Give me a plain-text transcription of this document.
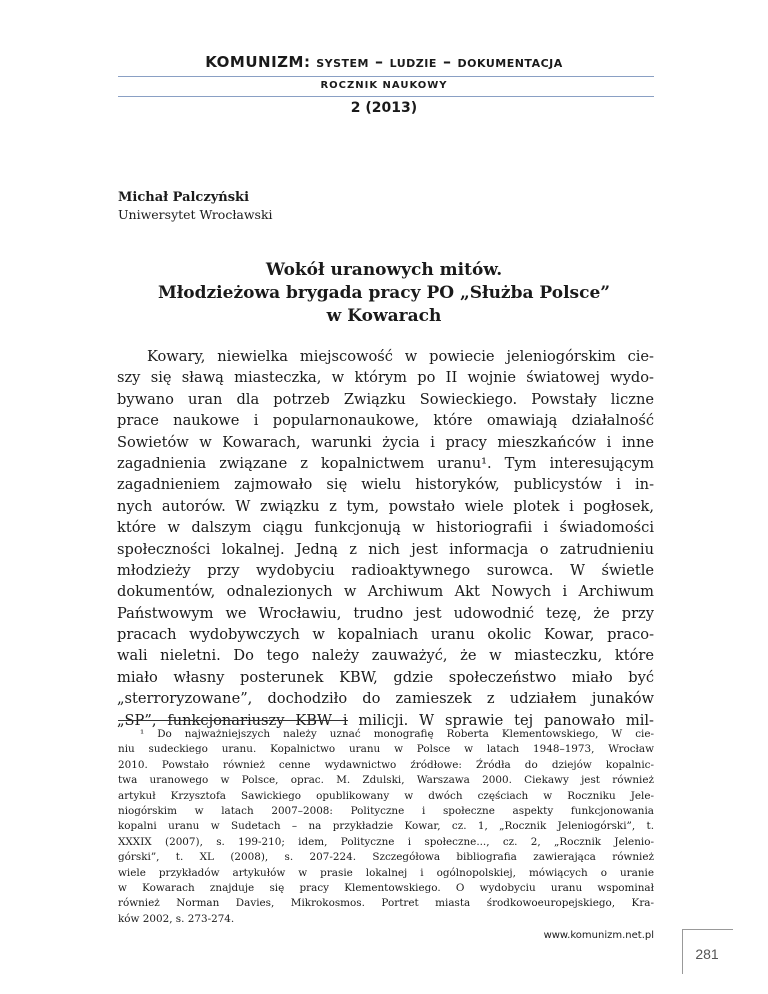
KOMUNIZM: system – ludzie – dokumentacja
ROCZNIK NAUKOWY
2 (2013)
Michał Palczyński
Uniwersytet Wrocławski
Wokół uranowych mitów.
Młodzieżowa brygada pracy PO „Służba Polsce”
w Kowarach
Kowary, niewielka miejscowość w powiecie jeleniogórskim cie-
szy się sławą miasteczka, w którym po II wojnie światowej wydo-
bywano uran dla potrzeb Związku Sowieckiego. Powstały liczne
prace naukowe i popularnonaukowe, które omawiają działalność
Sowietów w Kowarach, warunki życia i pracy mieszkańców i inne
zagadnienia związane z kopalnictwem uranu¹. Tym interesującym
zagadnieniem zajmowało się wielu historyków, publicystów i in-
nych autorów. W związku z tym, powstało wiele plotek i pogłosek,
które w dalszym ciągu funkcjonują w historiografii i świadomości
społeczności lokalnej. Jedną z nich jest informacja o zatrudnieniu
młodzieży przy wydobyciu radioaktywnego surowca. W świetle
dokumentów, odnalezionych w Archiwum Akt Nowych i Archiwum
Państwowym we Wrocławiu, trudno jest udowodnić tezę, że przy
pracach wydobywczych w kopalniach uranu okolic Kowar, praco-
wali nieletni. Do tego należy zauważyć, że w miasteczku, które
miało własny posterunek KBW, gdzie społeczeństwo miało być
„sterroryzowane”, dochodziło do zamieszek z udziałem junaków
„SP”, funkcjonariuszy KBW i milicji. W sprawie tej panowało mil-
¹ Do najważniejszych należy uznać monografię Roberta Klementowskiego, W cie-
niu sudeckiego uranu. Kopalnictwo uranu w Polsce w latach 1948–1973, Wrocław
2010. Powstało również cenne wydawnictwo źródłowe: Źródła do dziejów kopalnic-
twa uranowego w Polsce, oprac. M. Zdulski, Warszawa 2000. Ciekawy jest również
artykuł Krzysztofa Sawickiego opublikowany w dwóch częściach w Roczniku Jele-
niogórskim w latach 2007–2008: Polityczne i społeczne aspekty funkcjonowania
kopalni uranu w Sudetach – na przykładzie Kowar, cz. 1, „Rocznik Jeleniogórski”, t.
XXXIX (2007), s. 199-210; idem, Polityczne i społeczne..., cz. 2, „Rocznik Jelenio-
górski”, t. XL (2008), s. 207-224. Szczegółowa bibliografia zawierająca również
wiele przykładów artykułów w prasie lokalnej i ogólnopolskiej, mówiących o uranie
w Kowarach znajduje się pracy Klementowskiego. O wydobyciu uranu wspominał
również Norman Davies, Mikrokosmos. Portret miasta środkowoeuropejskiego, Kra-
ków 2002, s. 273-274.
www.komunizm.net.pl
281
